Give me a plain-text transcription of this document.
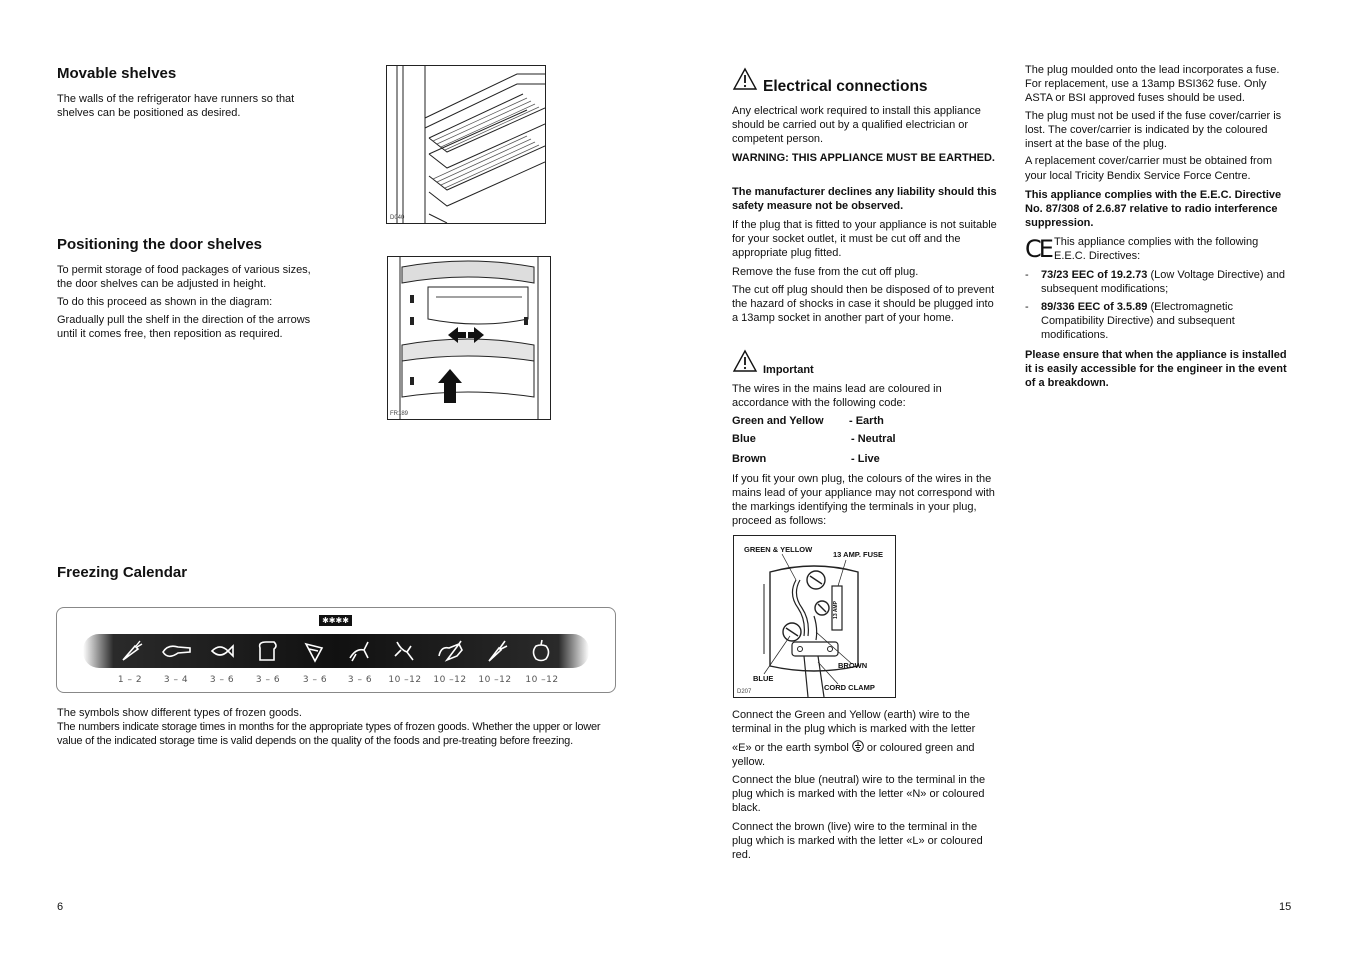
Movable shelves

The walls of the refrigerator have runners so that shelves can be positioned as desired.

D040
Positioning the door shelves

To permit storage of food packages of various sizes, the door shelves can be adjusted in height.

To do this proceed as shown in the diagram:

Gradually pull the shelf in the direction of the arrows until it comes free, then reposition as required.

FR189
Freezing Calendar
✱✱✱✱
1 – 2	3 – 4	3 – 6	3 – 6	3 – 6	3 – 6	10 –12	10 –12	10 –12	10 –12

The symbols show different types of frozen goods.

The numbers indicate storage times in months for the appropriate types of frozen goods. Whether the upper or lower value of the indicated storage time is valid depends on the quality of the foods and pre-treating before freezing.

6
Electrical connections

Any electrical work required to install this appliance should be carried out by a qualified electrician or competent person.

WARNING: THIS APPLIANCE MUST BE EARTHED.

The manufacturer declines any liability should this safety measure not be observed.

If the plug that is fitted to your appliance is not suitable for your socket outlet, it must be cut off and the appropriate plug fitted.

Remove the fuse from the cut off plug.

The cut off plug should then be disposed of to prevent the hazard of shocks in case it should be plugged into a 13amp socket in another part of your home.

Important

The wires in the mains lead are coloured in accordance with the following code:

Green and Yellow - Earth
Blue	- Neutral
Brown	- Live

If you fit your own plug, the colours of the wires in the mains lead of your appliance may not correspond with the markings identifying the terminals in your plug, proceed as follows:

GREEN & YELLOW
13 AMP. FUSE
13 AMP
BLUE
BROWN
CORD CLAMP
D207

Connect the Green and Yellow (earth) wire to the terminal in the plug which is marked with the letter

«E» or the earth symbol or coloured green and yellow.

Connect the blue (neutral) wire to the terminal in the plug which is marked with the letter «N» or coloured black.

Connect the brown (live) wire to the terminal in the plug which is marked with the letter «L» or coloured red.

The plug moulded onto the lead incorporates a fuse. For replacement, use a 13amp BSI362 fuse. Only ASTA or BSI approved fuses should be used.

The plug must not be used if the fuse cover/carrier is lost. The cover/carrier is indicated by the coloured insert at the base of the plug.

A replacement cover/carrier must be obtained from your local Tricity Bendix Service Force Centre.

This appliance complies with the E.E.C. Directive No. 87/308 of 2.6.87 relative to radio interference suppression.

CE This appliance complies with the following E.E.C. Directives:

- 73/23 EEC of 19.2.73 (Low Voltage Directive) and subsequent modifications;
- 89/336 EEC of 3.5.89 (Electromagnetic Compatibility Directive) and subsequent modifications.

Please ensure that when the appliance is installed it is easily accessible for the engineer in the event of a breakdown.

15
